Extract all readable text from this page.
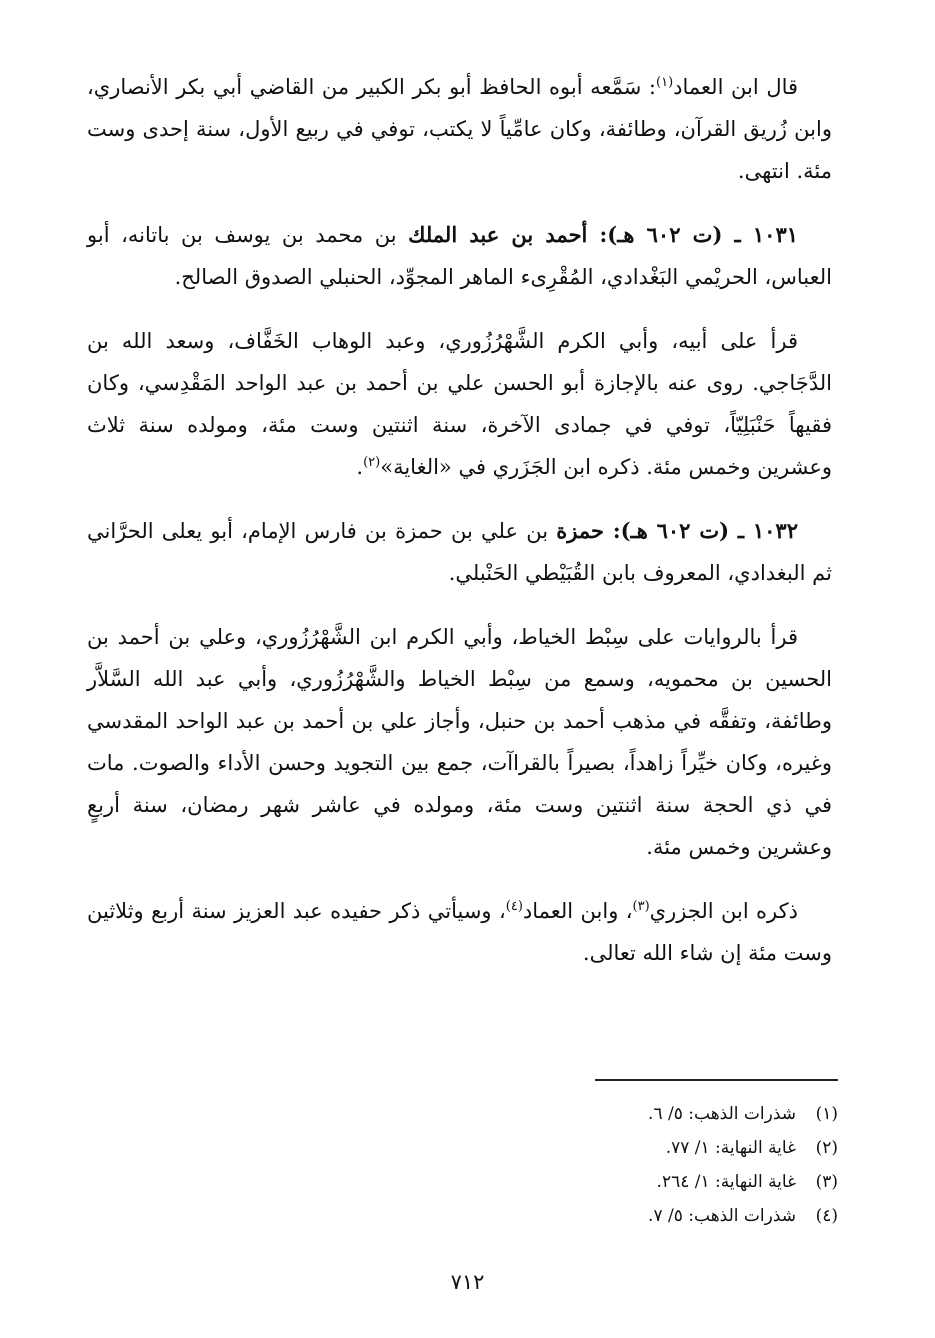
قال ابن العماد$^{(١)}$: سَمَّعه أبوه الحافظ أبو بكر الكبير من القاضي أبي بكر الأنصاري، وابن زُريق القرآن، وطائفة، وكان عامِّياً لا يكتب، توفي في ربيع الأول، سنة إحدى وست مئة. انتهى.

١٠٣١ ـ (ت ٦٠٢ هـ): أحمد بن عبد الملك بن محمد بن يوسف بن باتانه، أبو العباس، الحريْمي البَغْدادي، المُقْرِىء الماهر المجوِّد، الحنبلي الصدوق الصالح.

قرأ على أبيه، وأبي الكرم الشَّهْرُزُوري، وعبد الوهاب الخَفَّاف، وسعد الله بن الدَّجَاجي. روى عنه بالإجازة أبو الحسن علي بن أحمد بن عبد الواحد المَقْدِسي، وكان فقيهاً حَنْبَلِيّاً، توفي في جمادى الآخرة، سنة اثنتين وست مئة، ومولده سنة ثلاث وعشرين وخمس مئة. ذكره ابن الجَزَري في «الغاية»$^{(٢)}$.

١٠٣٢ ـ (ت ٦٠٢ هـ): حمزة بن علي بن حمزة بن فارس الإمام، أبو يعلى الحرَّاني ثم البغدادي، المعروف بابن القُبَيْطي الحَنْبلي.

قرأ بالروايات على سِبْط الخياط، وأبي الكرم ابن الشَّهْرُزُوري، وعلي بن أحمد بن الحسين بن محمويه، وسمع من سِبْط الخياط والشَّهْرُزُوري، وأبي عبد الله السَّلاَّر وطائفة، وتفقَّه في مذهب أحمد بن حنبل، وأجاز علي بن أحمد بن عبد الواحد المقدسي وغيره، وكان خيِّراً زاهداً، بصيراً بالقراآت، جمع بين التجويد وحسن الأداء والصوت. مات في ذي الحجة سنة اثنتين وست مئة، ومولده في عاشر شهر رمضان، سنة أربعٍ وعشرين وخمس مئة.

ذكره ابن الجزري$^{(٣)}$، وابن العماد$^{(٤)}$، وسيأتي ذكر حفيده عبد العزيز سنة أربع وثلاثين وست مئة إن شاء الله تعالى.

(١)
شذرات الذهب: ٥/ ٦.
(٢)
غاية النهاية: ١/ ٧٧.
(٣)
غاية النهاية: ١/ ٢٦٤.
(٤)
شذرات الذهب: ٥/ ٧.
٧١٢
